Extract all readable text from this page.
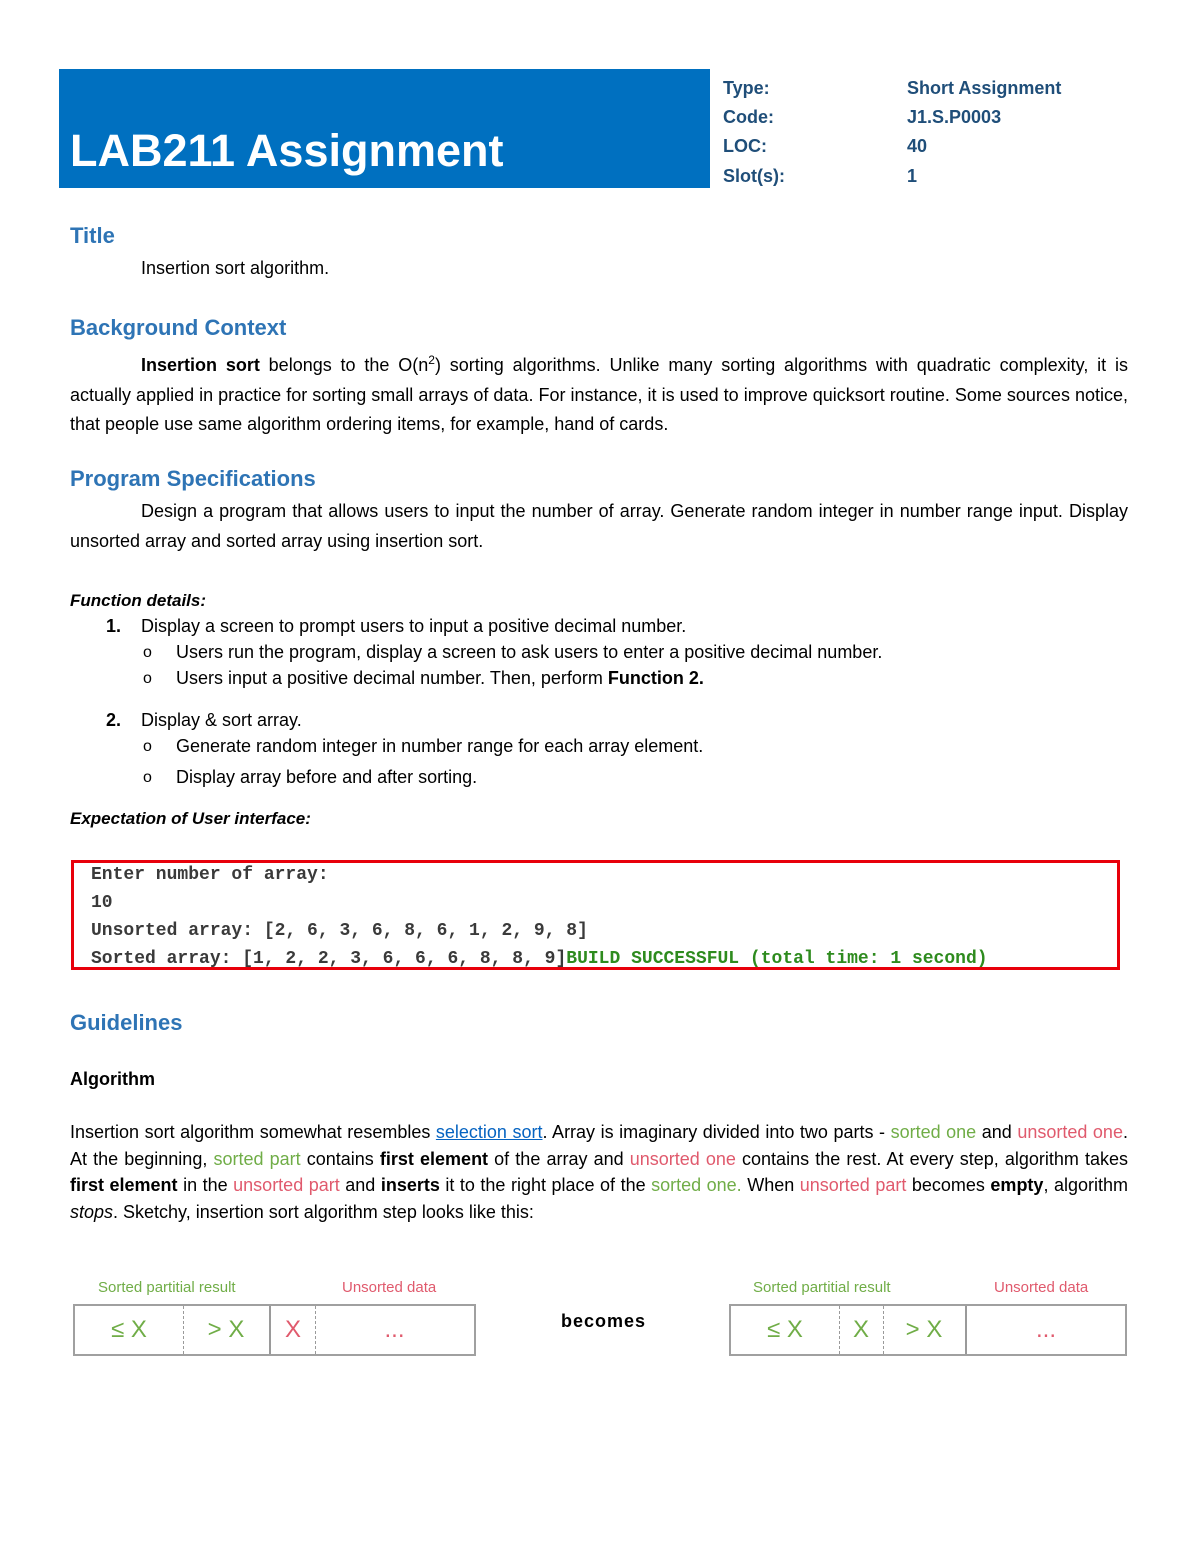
LAB211 Assignment
Type:	Short Assignment
Code:	J1.S.P0003
LOC:	40
Slot(s):	1
Title
Insertion sort algorithm.
Background Context
Insertion sort belongs to the $O(n^2)$ sorting algorithms. Unlike many sorting algorithms with quadratic complexity, it is actually applied in practice for sorting small arrays of data. For instance, it is used to improve quicksort routine. Some sources notice, that people use same algorithm ordering items, for example, hand of cards.
Program Specifications
Design a program that allows users to input the number of array. Generate random integer in number range input. Display unsorted array and sorted array using insertion sort.
Function details:
1. Display a screen to prompt users to input a positive decimal number.
o Users run the program, display a screen to ask users to enter a positive decimal number.
o Users input a positive decimal number. Then, perform Function 2.
2. Display & sort array.
o Generate random integer in number range for each array element.
o Display array before and after sorting.
Expectation of User interface:
Enter number of array:
10
Unsorted array: [2, 6, 3, 6, 8, 6, 1, 2, 9, 8]
Sorted array: [1, 2, 2, 3, 6, 6, 6, 8, 8, 9]BUILD SUCCESSFUL (total time: 1 second)
Guidelines
Algorithm
Insertion sort algorithm somewhat resembles selection sort. Array is imaginary divided into two parts - sorted one and unsorted one. At the beginning, sorted part contains first element of the array and unsorted one contains the rest. At every step, algorithm takes first element in the unsorted part and inserts it to the right place of the sorted one. When unsorted part becomes empty, algorithm stops. Sketchy, insertion sort algorithm step looks like this:
Sorted partitial result	Unsorted data
≤ X	> X	X	...	becomes
Sorted partitial result	Unsorted data
≤ X	X	> X	...
